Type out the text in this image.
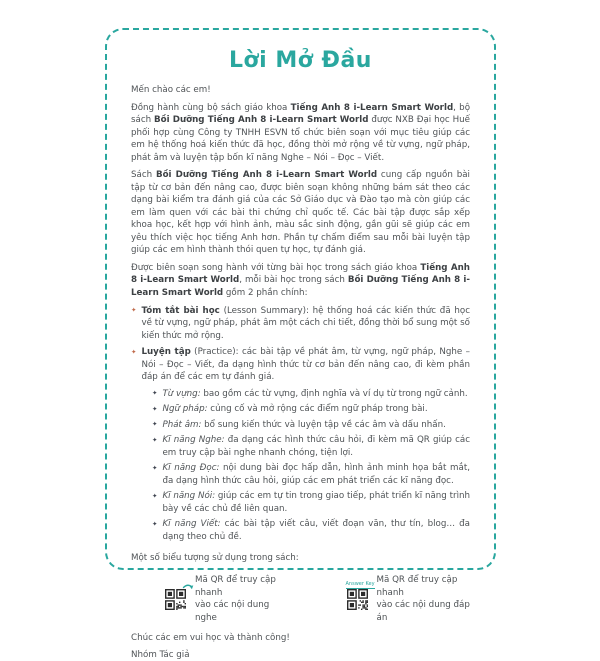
Lời Mở Đầu

Mến chào các em!

Đồng hành cùng bộ sách giáo khoa Tiếng Anh 8 i-Learn Smart World, bộ sách Bồi Dưỡng Tiếng Anh 8 i-Learn Smart World được NXB Đại học Huế phối hợp cùng Công ty TNHH ESVN tổ chức biên soạn với mục tiêu giúp các em hệ thống hoá kiến thức đã học, đồng thời mở rộng về từ vựng, ngữ pháp, phát âm và luyện tập bốn kĩ năng Nghe – Nói – Đọc – Viết.

Sách Bồi Dưỡng Tiếng Anh 8 i-Learn Smart World cung cấp nguồn bài tập từ cơ bản đến nâng cao, được biên soạn không những bám sát theo các dạng bài kiểm tra đánh giá của các Sở Giáo dục và Đào tạo mà còn giúp các em làm quen với các bài thi chứng chỉ quốc tế. Các bài tập được sắp xếp khoa học, kết hợp với hình ảnh, màu sắc sinh động, gần gũi sẽ giúp các em yêu thích việc học tiếng Anh hơn. Phần tự chấm điểm sau mỗi bài luyện tập giúp các em hình thành thói quen tự học, tự đánh giá.

Được biên soạn song hành với từng bài học trong sách giáo khoa Tiếng Anh 8 i-Learn Smart World, mỗi bài học trong sách Bồi Dưỡng Tiếng Anh 8 i-Learn Smart World gồm 2 phần chính:

✦ Tóm tắt bài học (Lesson Summary): hệ thống hoá các kiến thức đã học về từ vựng, ngữ pháp, phát âm một cách chi tiết, đồng thời bổ sung một số kiến thức mở rộng.

✦ Luyện tập (Practice): các bài tập về phát âm, từ vựng, ngữ pháp, Nghe – Nói – Đọc – Viết, đa dạng hình thức từ cơ bản đến nâng cao, đi kèm phần đáp án để các em tự đánh giá.

✦ Từ vựng: bao gồm các từ vựng, định nghĩa và ví dụ từ trong ngữ cảnh.

✦ Ngữ pháp: củng cố và mở rộng các điểm ngữ pháp trong bài.

✦ Phát âm: bổ sung kiến thức và luyện tập về các âm và dấu nhấn.

✦ Kĩ năng Nghe: đa dạng các hình thức câu hỏi, đi kèm mã QR giúp các em truy cập bài nghe nhanh chóng, tiện lợi.

✦ Kĩ năng Đọc: nội dung bài đọc hấp dẫn, hình ảnh minh họa bắt mắt, đa dạng hình thức câu hỏi, giúp các em phát triển các kĩ năng đọc.

✦ Kĩ năng Nói: giúp các em tự tin trong giao tiếp, phát triển kĩ năng trình bày về các chủ đề liên quan.

✦ Kĩ năng Viết: các bài tập viết câu, viết đoạn văn, thư tín, blog… đa dạng theo chủ đề.

Một số biểu tượng sử dụng trong sách:

Mã QR để truy cập nhanh
vào các nội dung nghe
Answer Key Mã QR để truy cập nhanh
vào các nội dung đáp án

Chúc các em vui học và thành công!

Nhóm Tác giả
